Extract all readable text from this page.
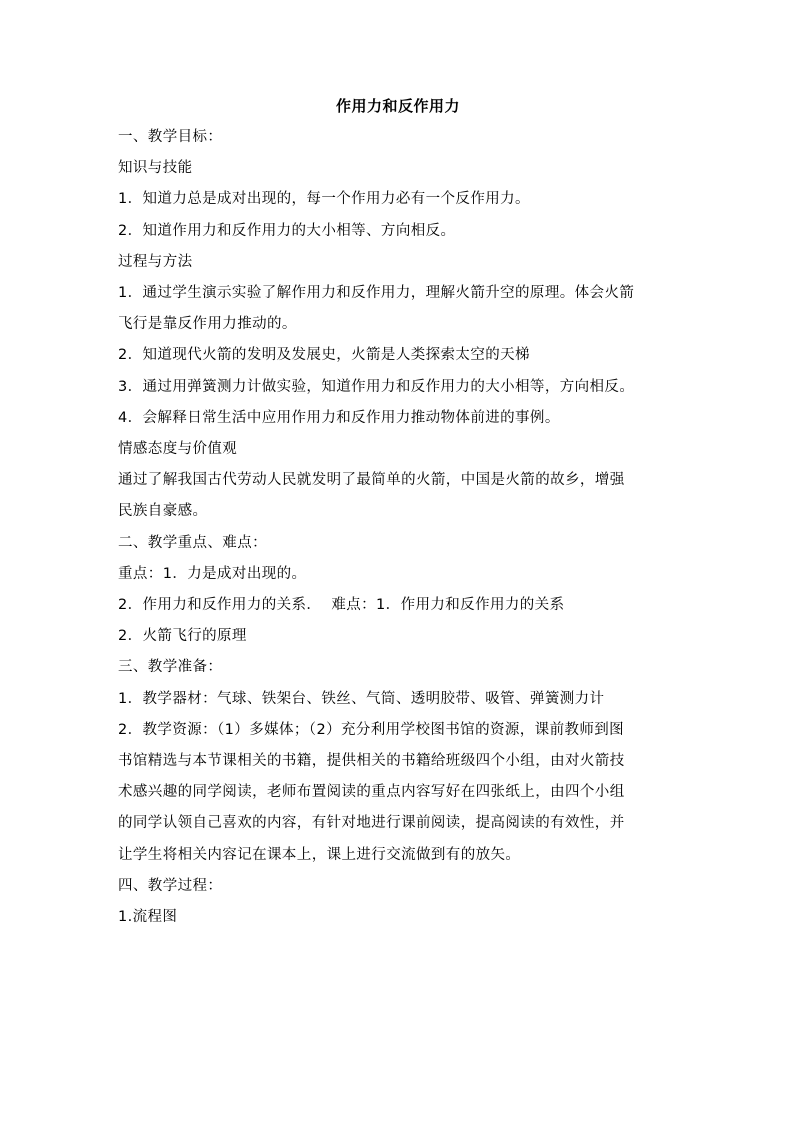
作用力和反作用力
一、教学目标：
知识与技能
1．知道力总是成对出现的，每一个作用力必有一个反作用力。
2．知道作用力和反作用力的大小相等、方向相反。
过程与方法
1．通过学生演示实验了解作用力和反作用力，理解火箭升空的原理。体会火箭
飞行是靠反作用力推动的。
2．知道现代火箭的发明及发展史，火箭是人类探索太空的天梯
3．通过用弹簧测力计做实验，知道作用力和反作用力的大小相等，方向相反。
4．会解释日常生活中应用作用力和反作用力推动物体前进的事例。
情感态度与价值观
通过了解我国古代劳动人民就发明了最简单的火箭，中国是火箭的故乡，增强
民族自豪感。
二、教学重点、难点：
重点：1．力是成对出现的。
2．作用力和反作用力的关系．  难点：1．作用力和反作用力的关系
2．火箭飞行的原理
三、教学准备：
1．教学器材：气球、铁架台、铁丝、气筒、透明胶带、吸管、弹簧测力计
2．教学资源：（1）多媒体；（2）充分利用学校图书馆的资源，课前教师到图
书馆精选与本节课相关的书籍，提供相关的书籍给班级四个小组，由对火箭技
术感兴趣的同学阅读，老师布置阅读的重点内容写好在四张纸上，由四个小组
的同学认领自己喜欢的内容，有针对地进行课前阅读，提高阅读的有效性，并
让学生将相关内容记在课本上，课上进行交流做到有的放矢。
四、教学过程：
1.流程图
